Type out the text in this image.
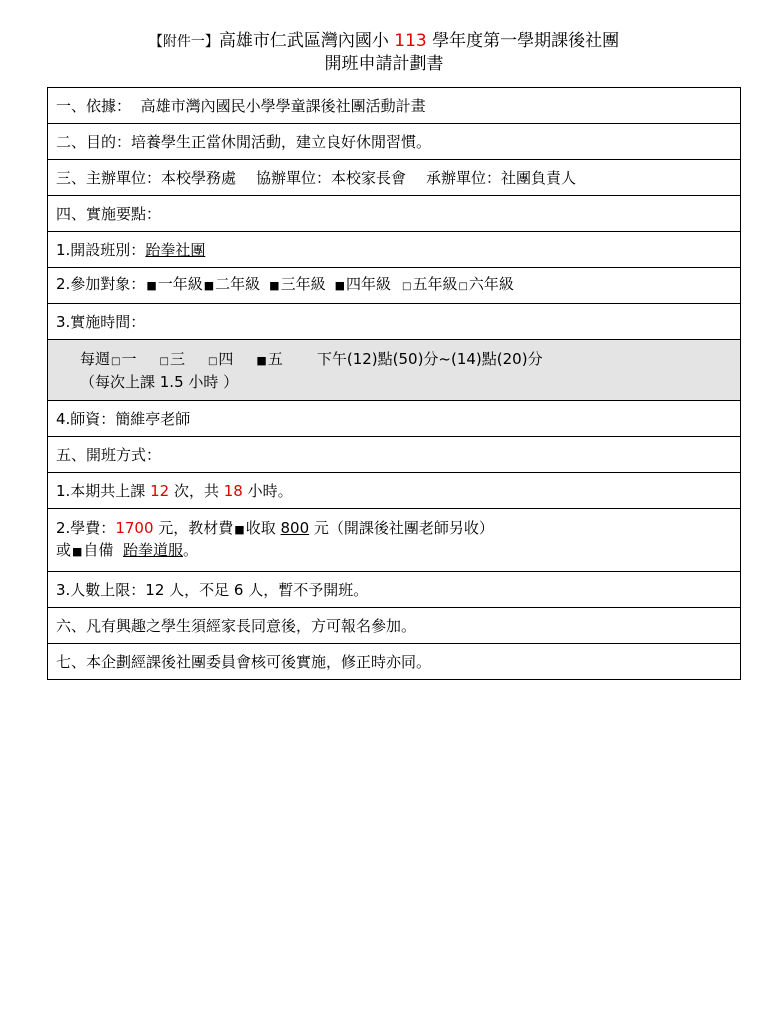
【附件一】高雄市仁武區灣內國小 113 學年度第一學期課後社團
開班申請計劃書
一、依據： 高雄市灣內國民小學學童課後社團活動計畫
二、目的：培養學生正當休閒活動，建立良好休閒習慣。
三、主辦單位：本校學務處 協辦單位：本校家長會 承辦單位：社團負責人
四、實施要點：
1.開設班別：跆拳社團
2.參加對象：■一年級■二年級 ■三年級 ■四年級 □五年級□六年級
3.實施時間：

每週□一 □三 □四 ■五 下午(12)點(50)分~(14)點(20)分
（每次上課 1.5 小時 ）

4.師資：簡維亭老師
五、開班方式：
1.本期共上課 12 次，共 18 小時。

2.學費：1700 元，教材費■收取 800 元（開課後社團老師另收）
或■自備 跆拳道服。

3.人數上限：12 人，不足 6 人，暫不予開班。
六、凡有興趣之學生須經家長同意後，方可報名參加。
七、本企劃經課後社團委員會核可後實施，修正時亦同。
